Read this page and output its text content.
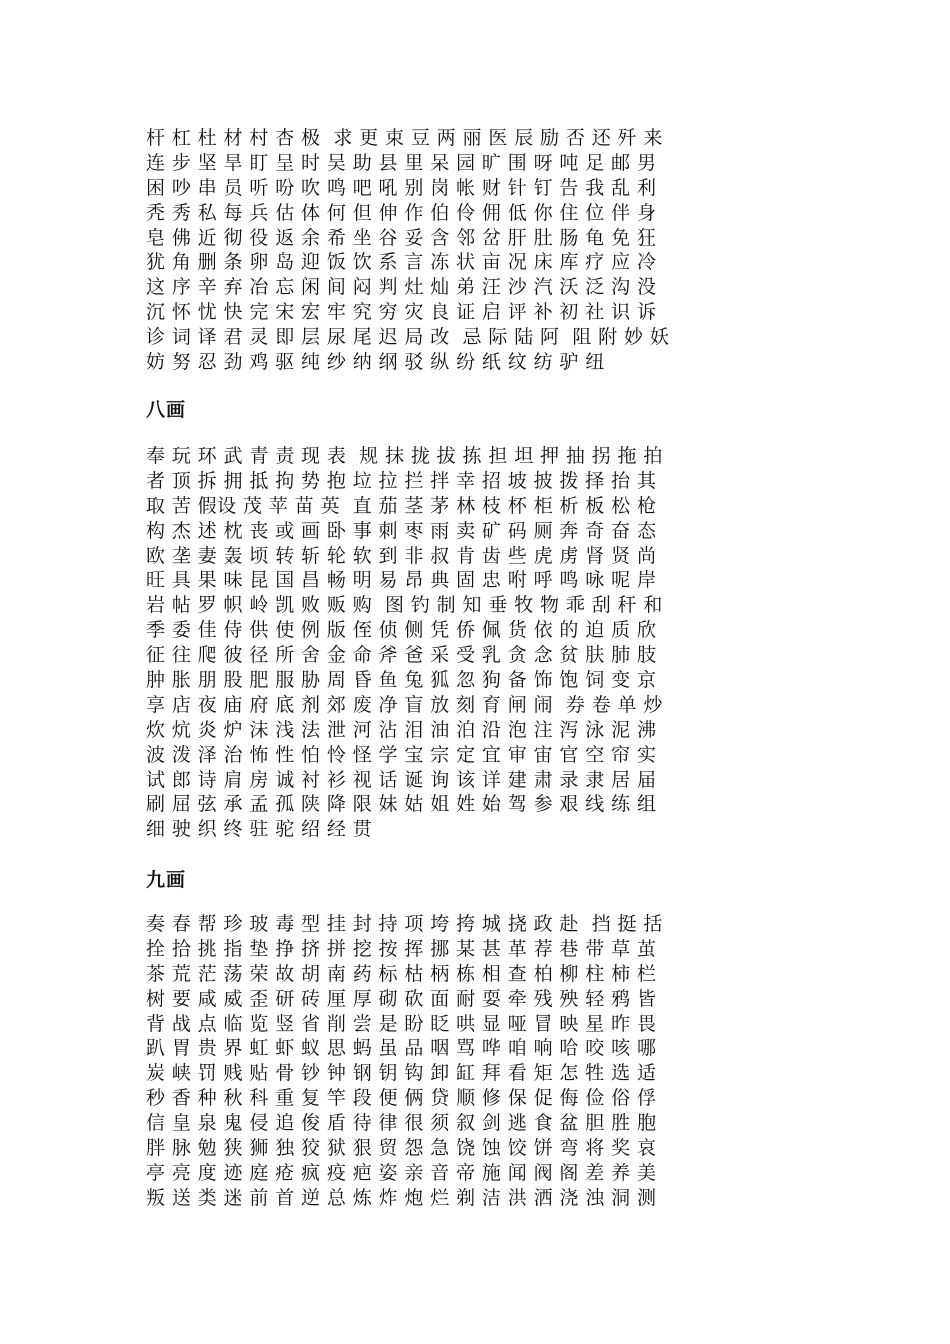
杆 杠 杜 材 村 杏 极  求 更 束 豆 两 丽 医 辰 励 否 还 歼 来
连 步 坚 旱 盯 呈 时 吴 助 县 里 呆 园 旷 围 呀 吨 足 邮 男
困 吵 串 员 听 吩 吹 鸣 吧 吼 别 岗 帐 财 针 钉 告 我 乱 利
秃 秀 私 每 兵 估 体 何 但 伸 作 伯 伶 佣 低 你 住 位 伴 身
皂 佛 近 彻 役 返 余 希 坐 谷 妥 含 邻 岔 肝 肚 肠 龟 免 狂
犹 角 删 条 卵 岛 迎 饭 饮 系 言 冻 状 亩 况 床 库 疗 应 冷
这 序 辛 弃 冶 忘 闲 间 闷 判 灶 灿 弟 汪 沙 汽 沃 泛 沟 没
沉 怀 忧 快 完 宋 宏 牢 究 穷 灾 良 证 启 评 补 初 社 识 诉
诊 词 译 君 灵 即 层 尿 尾 迟 局 改  忌 际 陆 阿  阻 附 妙 妖
妨 努 忍 劲 鸡 驱 纯 纱 纳 纲 驳 纵 纷 纸 纹 纺 驴 纽
八画
奉 玩 环 武 青 责 现 表  规 抹 拢 拔 拣 担 坦 押 抽 拐 拖 拍
者 顶 拆 拥 抵 拘 势 抱 垃 拉 拦 拌 幸 招 坡 披 拨 择 抬 其
取 苦 假设 茂 苹 苗 英  直 茄 茎 茅 林 枝 杯 柜 析 板 松 枪
构 杰 述 枕 丧 或 画 卧 事 刺 枣 雨 卖 矿 码 厕 奔 奇 奋 态
欧 垄 妻 轰 顷 转 斩 轮 软 到 非 叔 肯 齿 些 虎 虏 肾 贤 尚
旺 具 果 味 昆 国 昌 畅 明 易 昂 典 固 忠 咐 呼 鸣 咏 呢 岸
岩 帖 罗 帜 岭 凯 败 贩 购  图 钓 制 知 垂 牧 物 乖 刮 秆 和
季 委 佳 侍 供 使 例 版 侄 侦 侧 凭 侨 佩 货 依 的 迫 质 欣
征 往 爬 彼 径 所 舍 金 命 斧 爸 采 受 乳 贪 念 贫 肤 肺 肢
肿 胀 朋 股 肥 服 胁 周 昏 鱼 兔 狐 忽 狗 备 饰 饱 饲 变 京
享 店 夜 庙 府 底 剂 郊 废 净 盲 放 刻 育 闸 闹  券 卷 单 炒
炊 炕 炎 炉 沫 浅 法 泄 河 沾 泪 油 泊 沿 泡 注 泻 泳 泥 沸
波 泼 泽 治 怖 性 怕 怜 怪 学 宝 宗 定 宜 审 宙 官 空 帘 实
试 郎 诗 肩 房 诚 衬 衫 视 话 诞 询 该 详 建 肃 录 隶 居 届
刷 屈 弦 承 孟 孤 陕 降 限 妹 姑 姐 姓 始 驾 参 艰 线 练 组
细 驶 织 终 驻 驼 绍 经 贯
九画
奏 春 帮 珍 玻 毒 型 挂 封 持 项 垮 挎 城 挠 政 赴  挡 挺 括
拴 拾 挑 指 垫 挣 挤 拼 挖 按 挥 挪 某 甚 革 荐 巷 带 草 茧
茶 荒 茫 荡 荣 故 胡 南 药 标 枯 柄 栋 相 查 柏 柳 柱 柿 栏
树 要 咸 威 歪 研 砖 厘 厚 砌 砍 面 耐 耍 牵 残 殃 轻 鸦 皆
背 战 点 临 览 竖 省 削 尝 是 盼 眨 哄 显 哑 冒 映 星 昨 畏
趴 胃 贵 界 虹 虾 蚁 思 蚂 虽 品 咽 骂 哗 咱 响 哈 咬 咳 哪
炭 峡 罚 贱 贴 骨 钞 钟 钢 钥 钩 卸 缸 拜 看 矩 怎 牲 选 适
秒 香 种 秋 科 重 复 竿 段 便 俩 贷 顺 修 保 促 侮 俭 俗 俘
信 皇 泉 鬼 侵 追 俊 盾 待 律 很 须 叙 剑 逃 食 盆 胆 胜 胞
胖 脉 勉 狭 狮 独 狡 狱 狠 贸 怨 急 饶 蚀 饺 饼 弯 将 奖 哀
亭 亮 度 迹 庭 疮 疯 疫 疤 姿 亲 音 帝 施 闻 阀 阁 差 养 美
叛 送 类 迷 前 首 逆 总 炼 炸 炮 烂 剃 洁 洪 洒 浇 浊 洞 测
